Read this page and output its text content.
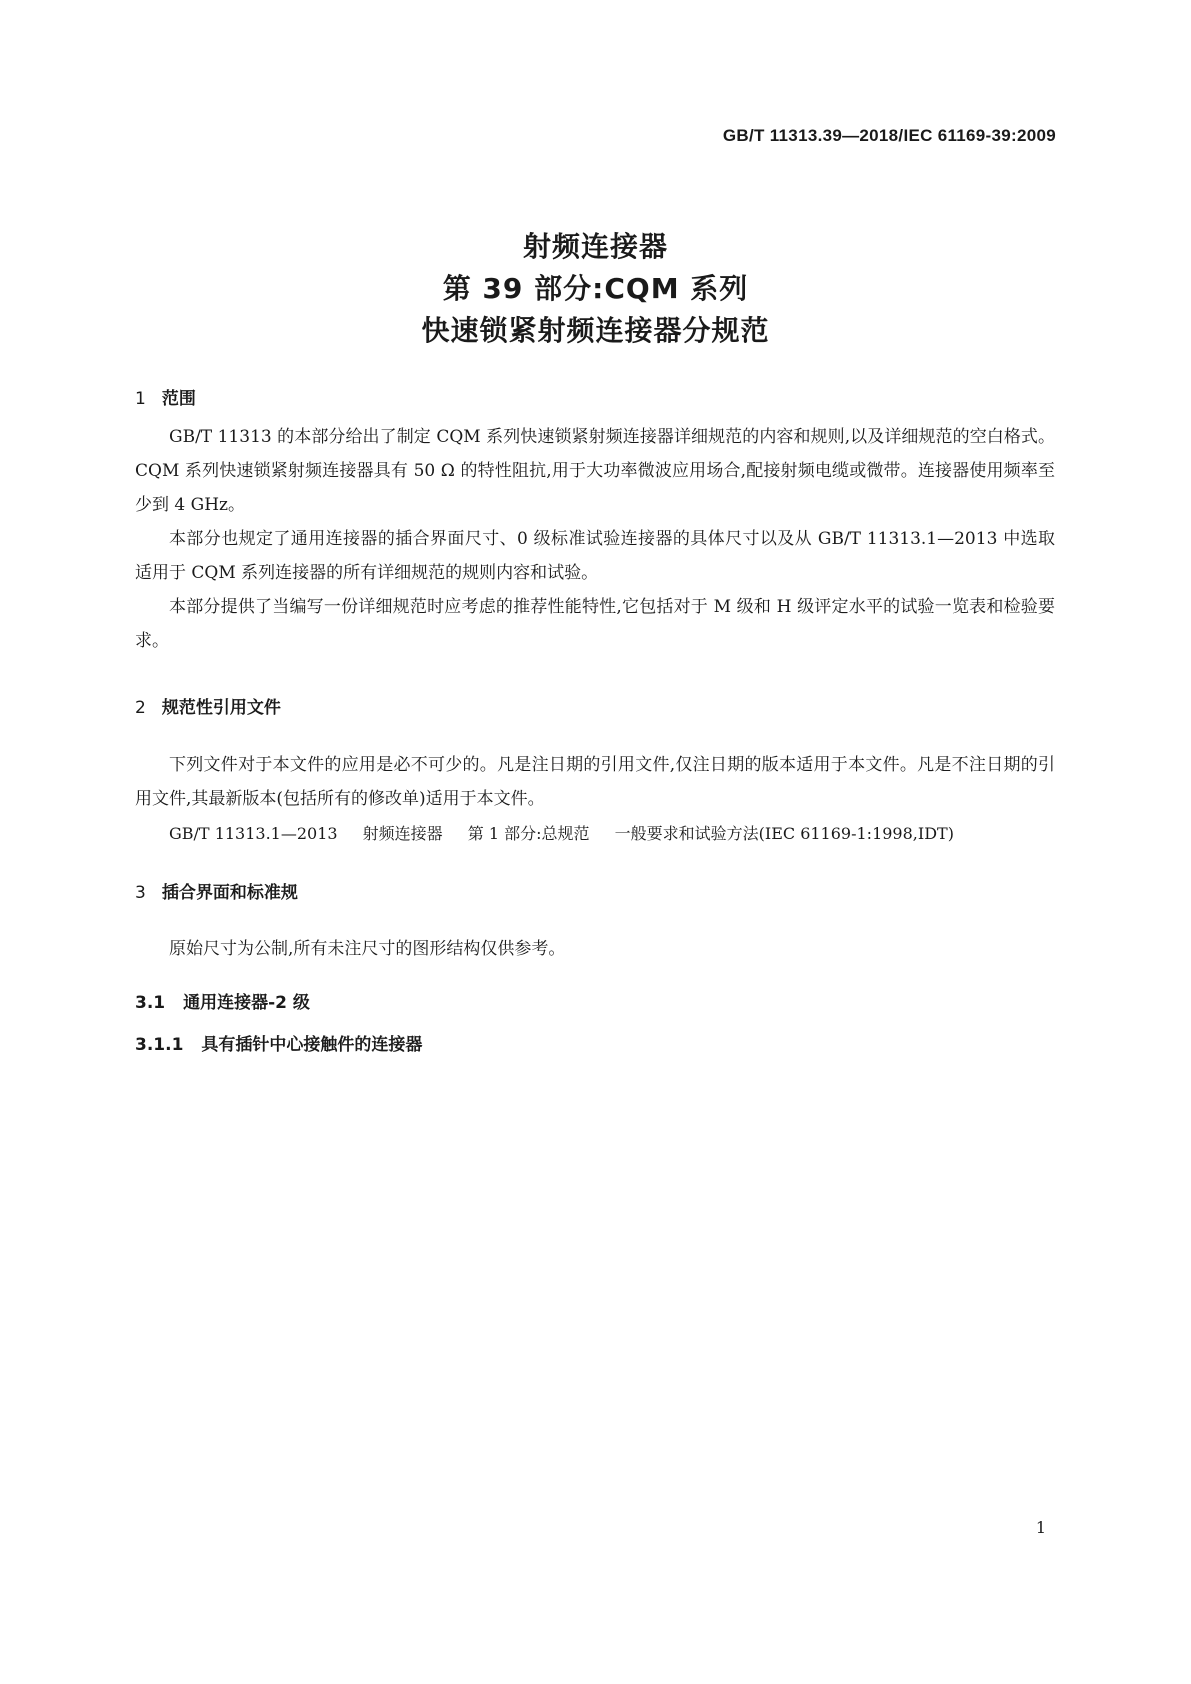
GB/T 11313.39—2018/IEC 61169-39:2009
射频连接器
第 39 部分:CQM 系列
快速锁紧射频连接器分规范
1 范围

GB/T 11313 的本部分给出了制定 CQM 系列快速锁紧射频连接器详细规范的内容和规则,以及详细规范的空白格式。CQM 系列快速锁紧射频连接器具有 50 Ω 的特性阻抗,用于大功率微波应用场合,配接射频电缆或微带。连接器使用频率至少到 4 GHz。

本部分也规定了通用连接器的插合界面尺寸、0 级标准试验连接器的具体尺寸以及从 GB/T 11313.1—2013 中选取适用于 CQM 系列连接器的所有详细规范的规则内容和试验。

本部分提供了当编写一份详细规范时应考虑的推荐性能特性,它包括对于 M 级和 H 级评定水平的试验一览表和检验要求。

2 规范性引用文件

下列文件对于本文件的应用是必不可少的。凡是注日期的引用文件,仅注日期的版本适用于本文件。凡是不注日期的引用文件,其最新版本(包括所有的修改单)适用于本文件。

GB/T 11313.1—2013 射频连接器 第 1 部分:总规范 一般要求和试验方法(IEC 61169-1:1998,IDT)
3 插合界面和标准规

原始尺寸为公制,所有未注尺寸的图形结构仅供参考。

3.1 通用连接器-2 级
3.1.1 具有插针中心接触件的连接器
1
